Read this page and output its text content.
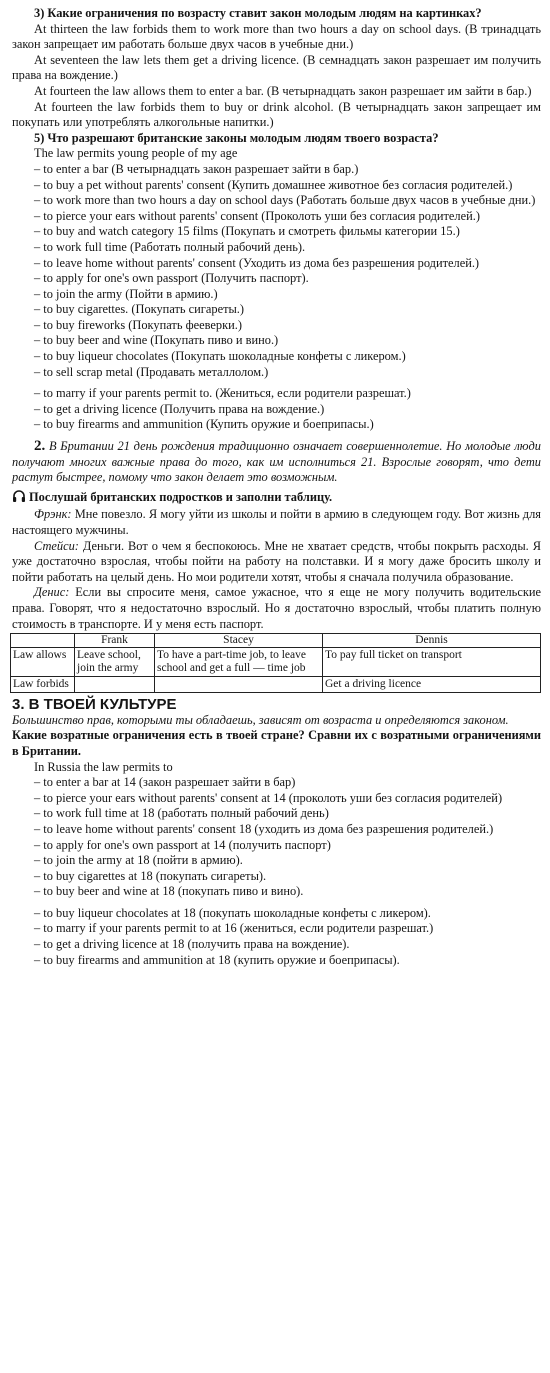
3) Какие ограничения по возрасту ставит закон молодым людям на картинках?

At thirteen the law forbids them to work more than two hours a day on school days. (В тринадцать закон запрещает им работать больше двух часов в учебные дни.)

At seventeen the law lets them get a driving licence. (В семнадцать закон разрешает им получить права на вождение.)

At fourteen the law allows them to enter a bar. (В четырнадцать закон разрешает им зайти в бар.)

At fourteen the law forbids them to buy or drink alcohol. (В четырнадцать закон запрещает им покупать или употреблять алкогольные напитки.)

5) Что разрешают британские законы молодым людям твоего возраста?

The law permits young people of my age

– to enter a bar (В четырнадцать закон разрешает зайти в бар.)

– to buy a pet without parents' consent (Купить домашнее животное без согласия родителей.)

– to work more than two hours a day on school days (Работать больше двух часов в учебные дни.)

– to pierce your ears without parents' consent (Проколоть уши без согласия родителей.)

– to buy and watch category 15 films (Покупать и смотреть фильмы категории 15.)

– to work full time (Работать полный рабочий день).

– to leave home without parents' consent (Уходить из дома без разрешения родителей.)

– to apply for one's own passport (Получить паспорт).

– to join the army (Пойти в армию.)

– to buy cigarettes. (Покупать сигареты.)

– to buy fireworks (Покупать фееверки.)

– to buy beer and wine (Покупать пиво и вино.)

– to buy liqueur chocolates (Покупать шоколадные конфеты с ликером.)

– to sell scrap metal (Продавать металлолом.)

– to marry if your parents permit to. (Жениться, если родители разрешат.)

– to get a driving licence (Получить права на вождение.)

– to buy firearms and ammunition (Купить оружие и боеприпасы.)

2. В Британии 21 день рождения традиционно означает совершеннолетие. Но молодые люди получают многих важные права до того, как им исполниться 21. Взрослые говорят, что дети растут быстрее, помому что закон делает это возможным.

Послушай британских подростков и заполни таблицу.

Фрэнк: Мне повезло. Я могу уйти из школы и пойти в армию в следующем году. Вот жизнь для настоящего мужчины.

Стейси: Деньги. Вот о чем я беспокоюсь. Мне не хватает средств, чтобы покрыть расходы. Я уже достаточно взрослая, чтобы пойти на работу на полставки. И я могу даже бросить школу и пойти работать на целый день. Но мои родители хотят, чтобы я сначала получила образование.

Денис: Если вы спросите меня, самое ужасное, что я еще не могу получить водительские права. Говорят, что я недостаточно взрослый. Но я достаточно взрослый, чтобы платить полную стоимость в транспорте. И у меня есть паспорт.

	Frank	Stacey	Dennis
Law allows	Leave school, join the army	To have a part-time job, to leave school and get a full — time job	To pay full ticket on transport
Law forbids			Get a driving licence

3. В ТВОЕЙ КУЛЬТУРЕ

Большинство прав, которыми ты обладаешь, зависят от возраста и определяются законом.

Какие возратные ограничения есть в твоей стране? Сравни их с возратными ограничениями в Британии.

In Russia the law permits to

– to enter a bar at 14 (закон разрешает зайти в бар)

– to pierce your ears without parents' consent at 14 (проколоть уши без согласия родителей)

– to work full time at 18 (работать полный рабочий день)

– to leave home without parents' consent 18 (уходить из дома без разрешения родителей.)

– to apply for one's own passport at 14 (получить паспорт)

– to join the army at 18 (пойти в армию).

– to buy cigarettes at 18 (покупать сигареты).

– to buy beer and wine at 18 (покупать пиво и вино).

– to buy liqueur chocolates at 18 (покупать шоколадные конфеты с ликером).

– to marry if your parents permit to at 16 (жениться, если родители разрешат.)

– to get a driving licence at 18 (получить права на вождение).

– to buy firearms and ammunition at 18 (купить оружие и боеприпасы).
